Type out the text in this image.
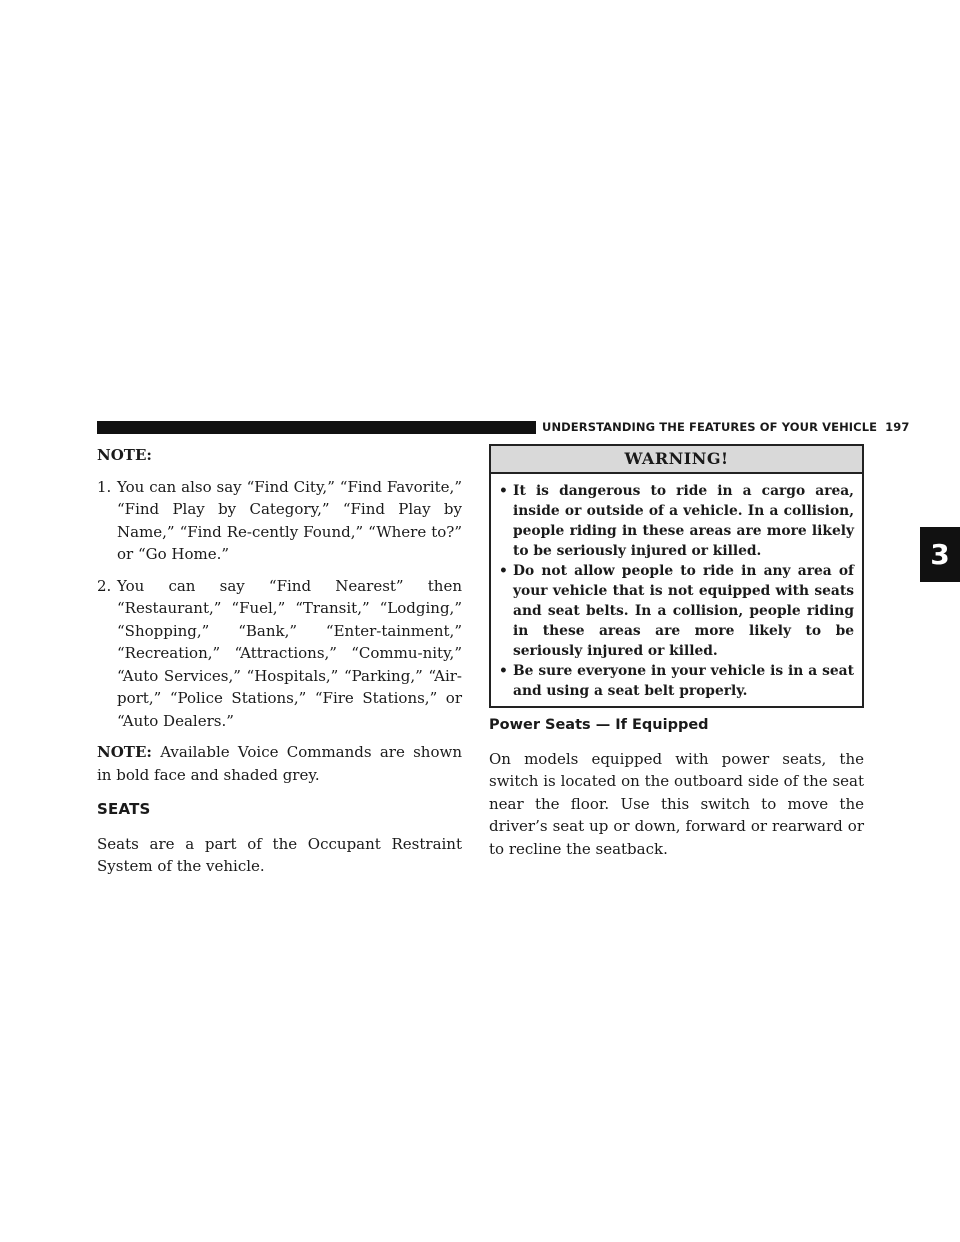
UNDERSTANDING THE FEATURES OF YOUR VEHICLE 197
3

NOTE:

1. You can also say “Find City,” “Find Favorite,” “Find Play by Category,” “Find Play by Name,” “Find Re-cently Found,” “Where to?” or “Go Home.”

2. You can say “Find Nearest” then “Restaurant,” “Fuel,” “Transit,” “Lodging,” “Shopping,” “Bank,” “Enter-tainment,” “Recreation,” “Attractions,” “Commu-nity,” “Auto Services,” “Hospitals,” “Parking,” “Air-port,” “Police Stations,” “Fire Stations,” or “Auto Dealers.”

NOTE: Available Voice Commands are shown in bold face and shaded grey.

SEATS

Seats are a part of the Occupant Restraint System of the vehicle.

WARNING!

• It is dangerous to ride in a cargo area, inside or outside of a vehicle. In a collision, people riding in these areas are more likely to be seriously injured or killed.

• Do not allow people to ride in any area of your vehicle that is not equipped with seats and seat belts. In a collision, people riding in these areas are more likely to be seriously injured or killed.

• Be sure everyone in your vehicle is in a seat and using a seat belt properly.

Power Seats — If Equipped

On models equipped with power seats, the switch is located on the outboard side of the seat near the floor. Use this switch to move the driver’s seat up or down, forward or rearward or to recline the seatback.
